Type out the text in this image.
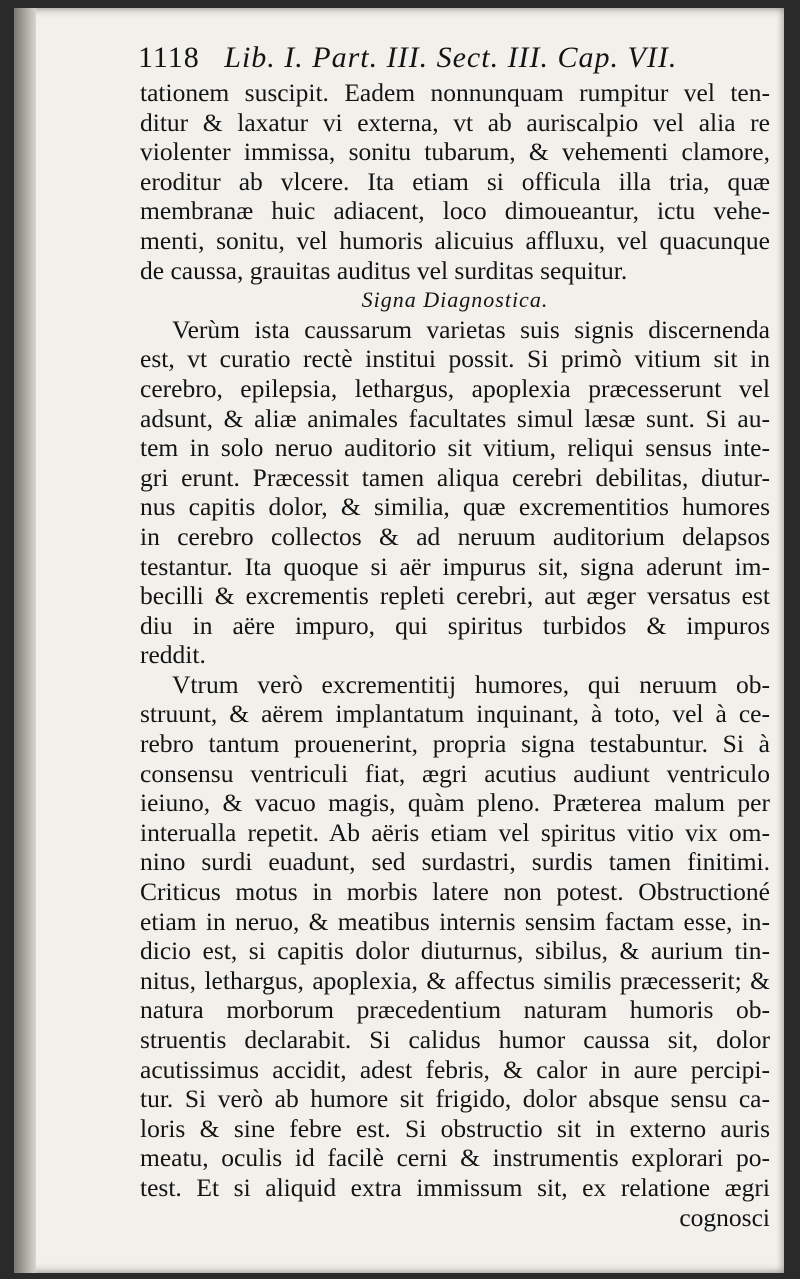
1118 Lib. I. Part. III. Sect. III. Cap. VII.
tationem suscipit. Eadem nonnunquam rumpitur vel ten-
ditur & laxatur vi externa, vt ab auriscalpio vel alia re
violenter immissa, sonitu tubarum, & vehementi clamore,
eroditur ab vlcere. Ita etiam si officula illa tria, quæ
membranæ huic adiacent, loco dimoueantur, ictu vehe-
menti, sonitu, vel humoris alicuius affluxu, vel quacunque
de caussa, grauitas auditus vel surditas sequitur.
Signa Diagnostica.
Verùm ista caussarum varietas suis signis discernenda
est, vt curatio rectè institui possit. Si primò vitium sit in
cerebro, epilepsia, lethargus, apoplexia præcesserunt vel
adsunt, & aliæ animales facultates simul læsæ sunt. Si au-
tem in solo neruo auditorio sit vitium, reliqui sensus inte-
gri erunt. Præcessit tamen aliqua cerebri debilitas, diutur-
nus capitis dolor, & similia, quæ excrementitios humores
in cerebro collectos & ad neruum auditorium delapsos
testantur. Ita quoque si aër impurus sit, signa aderunt im-
becilli & excrementis repleti cerebri, aut æger versatus est
diu in aëre impuro, qui spiritus turbidos & impuros
reddit.
Vtrum verò excrementitij humores, qui neruum ob-
struunt, & aërem implantatum inquinant, à toto, vel à ce-
rebro tantum prouenerint, propria signa testabuntur. Si à
consensu ventriculi fiat, ægri acutius audiunt ventriculo
ieiuno, & vacuo magis, quàm pleno. Præterea malum per
interualla repetit. Ab aëris etiam vel spiritus vitio vix om-
nino surdi euadunt, sed surdastri, surdis tamen finitimi.
Criticus motus in morbis latere non potest. Obstructioné
etiam in neruo, & meatibus internis sensim factam esse, in-
dicio est, si capitis dolor diuturnus, sibilus, & aurium tin-
nitus, lethargus, apoplexia, & affectus similis præcesserit; &
natura morborum præcedentium naturam humoris ob-
struentis declarabit. Si calidus humor caussa sit, dolor
acutissimus accidit, adest febris, & calor in aure percipi-
tur. Si verò ab humore sit frigido, dolor absque sensu ca-
loris & sine febre est. Si obstructio sit in externo auris
meatu, oculis id facilè cerni & instrumentis explorari po-
test. Et si aliquid extra immissum sit, ex relatione ægri
cognosci
